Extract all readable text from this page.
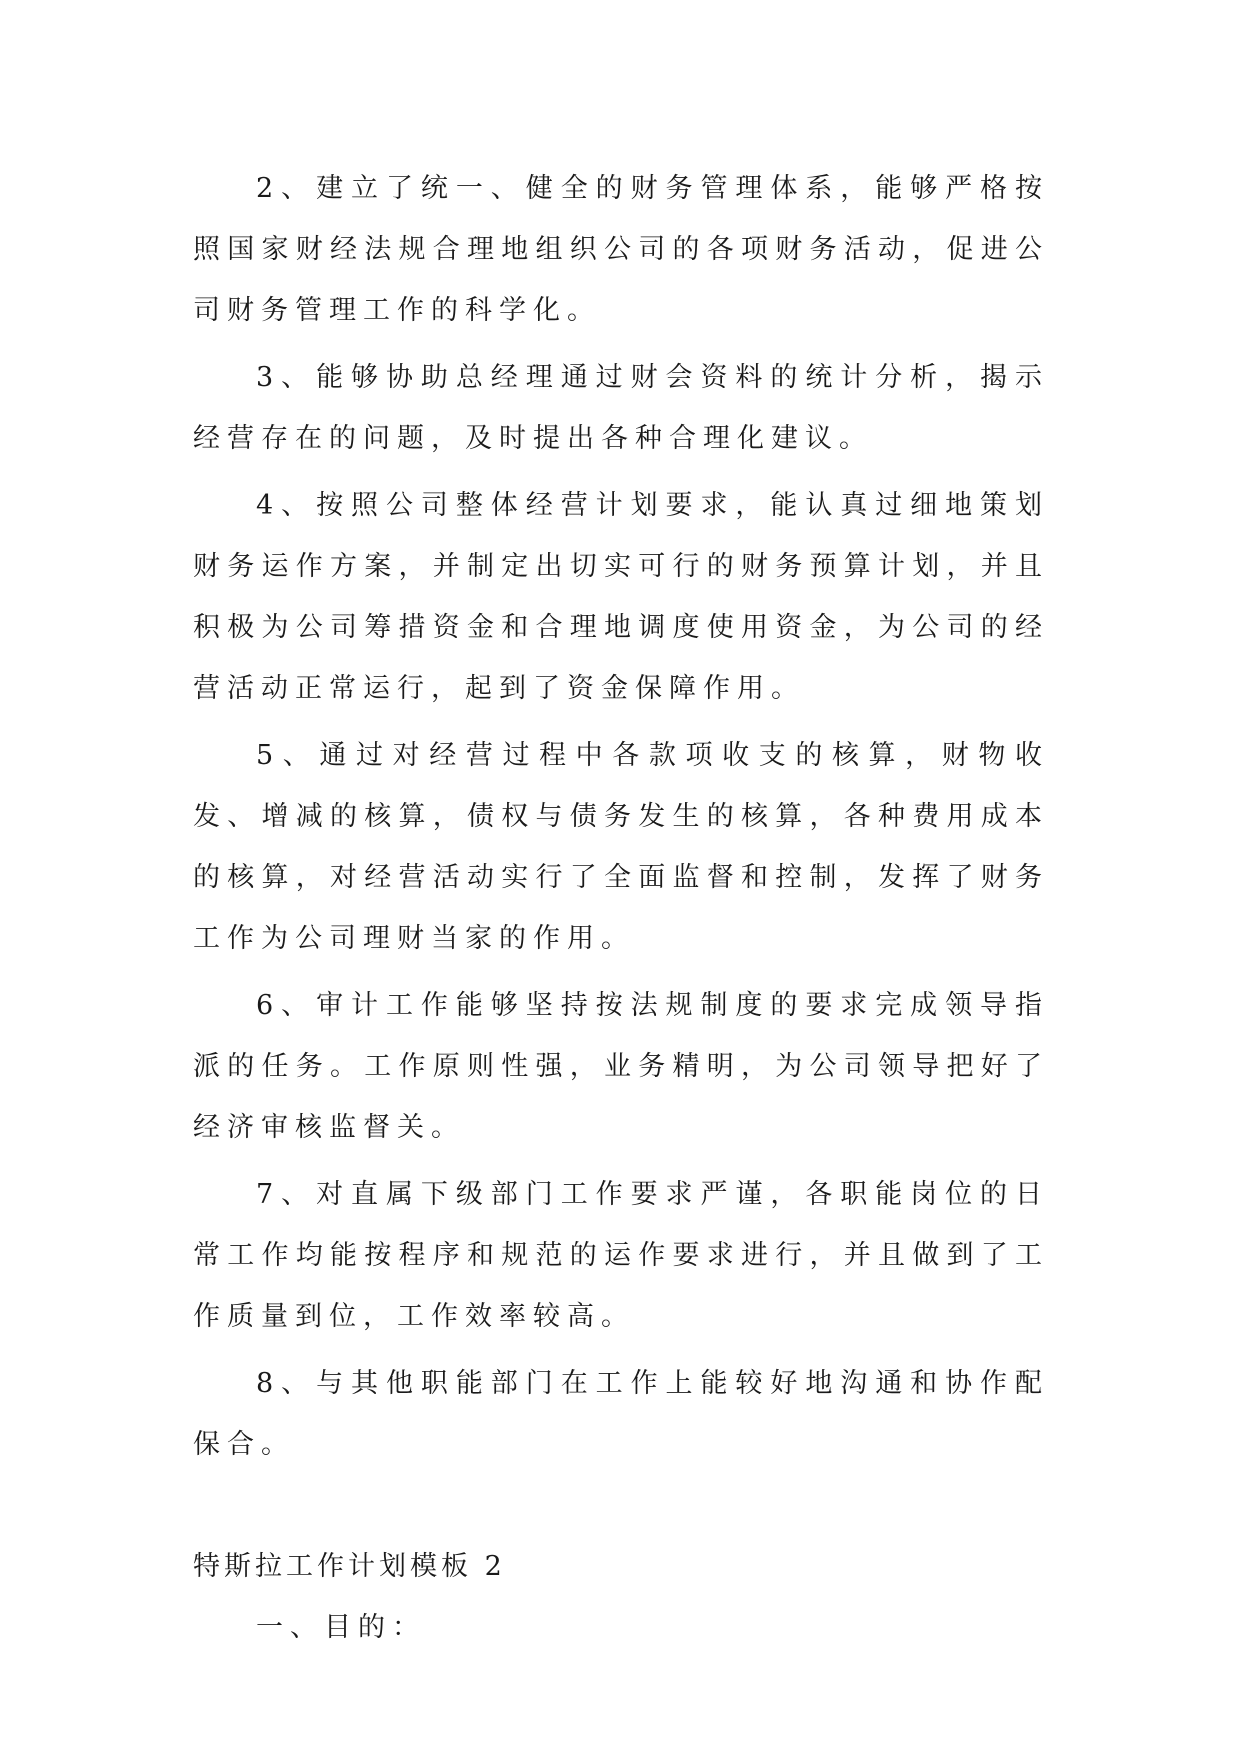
2、建立了统一、健全的财务管理体系，能够严格按照国家财经法规合理地组织公司的各项财务活动，促进公司财务管理工作的科学化。

3、能够协助总经理通过财会资料的统计分析，揭示经营存在的问题，及时提出各种合理化建议。

4、按照公司整体经营计划要求，能认真过细地策划财务运作方案，并制定出切实可行的财务预算计划，并且积极为公司筹措资金和合理地调度使用资金，为公司的经营活动正常运行，起到了资金保障作用。

5、通过对经营过程中各款项收支的核算，财物收发、增减的核算，债权与债务发生的核算，各种费用成本的核算，对经营活动实行了全面监督和控制，发挥了财务工作为公司理财当家的作用。

6、审计工作能够坚持按法规制度的要求完成领导指派的任务。工作原则性强，业务精明，为公司领导把好了经济审核监督关。

7、对直属下级部门工作要求严谨，各职能岗位的日常工作均能按程序和规范的运作要求进行，并且做到了工作质量到位，工作效率较高。

8、与其他职能部门在工作上能较好地沟通和协作配保合。

特斯拉工作计划模板 2

一、目的：
